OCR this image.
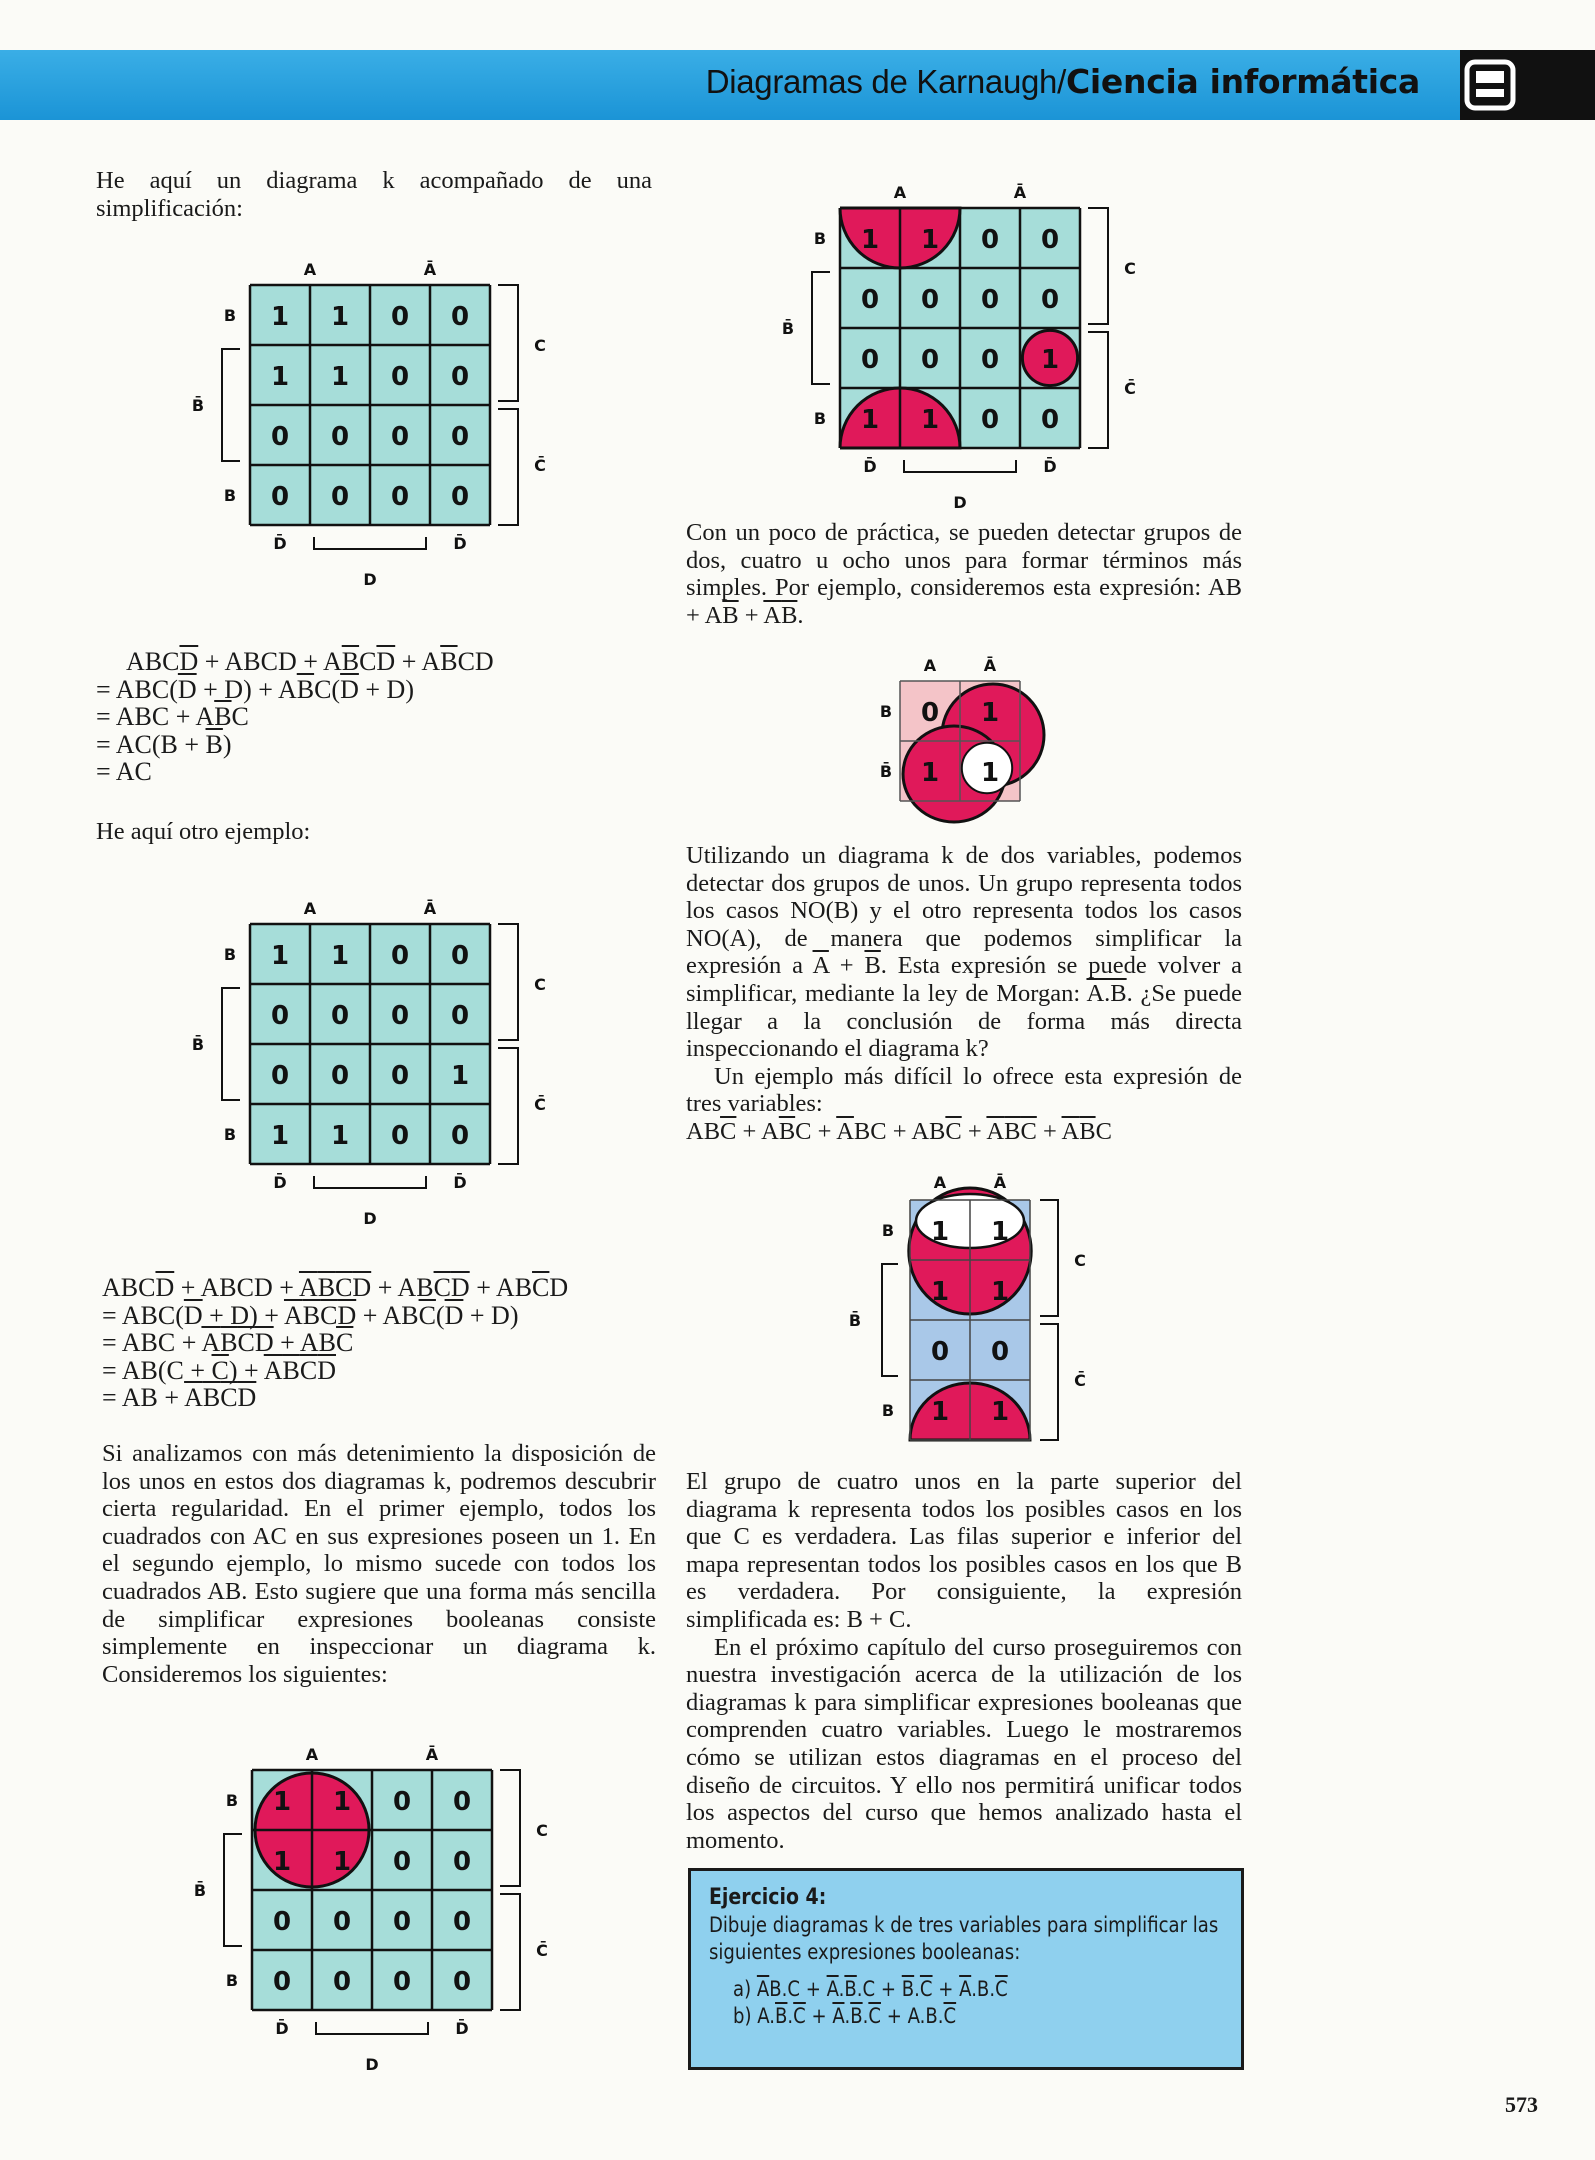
Diagramas de Karnaugh/Ciencia informática

He aquí un diagrama k acompañado de una simplificación:

1 1 0 0
1 1 0 0
0 0 0 0
0 0 0 0
A	Ā
B
B
B̄
C
C̄
D̄	D̄
D
$ABC\overline{D}$ + ABCD + $A\overline{B}C\overline{D} + A\overline{B}CD$
= $ABC(\overline{D} + D) + A\overline{B}C(\overline{D} + D)$
= ABC + $A\overline{B}C$
= $AC(B + \overline{B})$
= AC

He aquí otro ejemplo:

1 1 0 0
0 0 0 0
0 0 0 1
1 1 0 0
A	Ā
B
B
B̄
C
C̄
D̄	D̄
D
$ABC\overline{D}$ + ABCD + $\overline{A}\overline{B}\overline{C}\overline{D} + AB\overline{C}\overline{D} + AB\overline{C}D$
= $ABC(\overline{D} + D) + \overline{A}\overline{B}\overline{C}\overline{D} + AB\overline{C}(\overline{D} + D)$
= ABC + $\overline{A}\overline{B}\overline{C}\overline{D} + AB\overline{C}$
= $AB(C + \overline{C}) + \overline{A}\overline{B}\overline{C}\overline{D}$
= AB + $\overline{A}\overline{B}\overline{C}\overline{D}$

Si analizamos con más detenimiento la disposición de los unos en estos dos diagramas k, podremos descubrir cierta regularidad. En el primer ejemplo, todos los cuadrados con AC en sus expresiones poseen un 1. En el segundo ejemplo, lo mismo sucede con todos los cuadrados AB. Esto sugiere que una forma más sencilla de simplificar expresiones booleanas consiste simplemente en inspeccionar un diagrama k. Consideremos los siguientes:

1 1 0 0
1 1 0 0
0 0 0 0
0 0 0 0
A	Ā
B
B
B̄
C
C̄
D̄	D̄
D
1 1 0 0
0 0 0 0
0 0 0 1
1 1 0 0
A	Ā
B
B
B̄
C
C̄
D̄	D̄
D

Con un poco de práctica, se pueden detectar grupos de dos, cuatro u ocho unos para formar términos más simples. Por ejemplo, consideremos esta expresión: AB + $A\overline{B} + \overline{A}\overline{B}$.

0 1
1 1
A	Ā
B
B̄

Utilizando un diagrama k de dos variables, podemos detectar dos grupos de unos. Un grupo representa todos los casos NO(B) y el otro representa todos los casos NO(A), de manera que podemos simplificar la expresión a $\overline{A} + \overline{B}$. Esta expresión se puede volver a simplificar, mediante la ley de Morgan: A.B. ¿Se puede llegar a la conclusión de forma más directa inspeccionando el diagrama k?

Un ejemplo más difícil lo ofrece esta expresión de tres variables:

$AB\overline{C} + A\overline{B}C + \overline{A}BC + AB\overline{C} + \overline{A}\overline{B}\overline{C} + \overline{A}\overline{B}C$

1 1
1 1
0 0
1 1
A	Ā
B
B
B̄
C
C̄

El grupo de cuatro unos en la parte superior del diagrama k representa todos los posibles casos en los que C es verdadera. Las filas superior e inferior del mapa representan todos los posibles casos en los que B es verdadera. Por consiguiente, la expresión simplificada es: B + C.

En el próximo capítulo del curso proseguiremos con nuestra investigación acerca de la utilización de los diagramas k para simplificar expresiones booleanas que comprenden cuatro variables. Luego le mostraremos cómo se utilizan estos diagramas en el proceso del diseño de circuitos. Y ello nos permitirá unificar todos los aspectos del curso que hemos analizado hasta el momento.

Ejercicio 4:
Dibuje diagramas k de tres variables para simplificar las siguientes expresiones booleanas:
a) $\overline{A}B.C + \overline{A}.\overline{B}.C + \overline{B}.\overline{C} + \overline{A}.B.\overline{C}$
b) $A.\overline{B}.\overline{C} + \overline{A}.\overline{B}.\overline{C} + A.B.\overline{C}$
573
